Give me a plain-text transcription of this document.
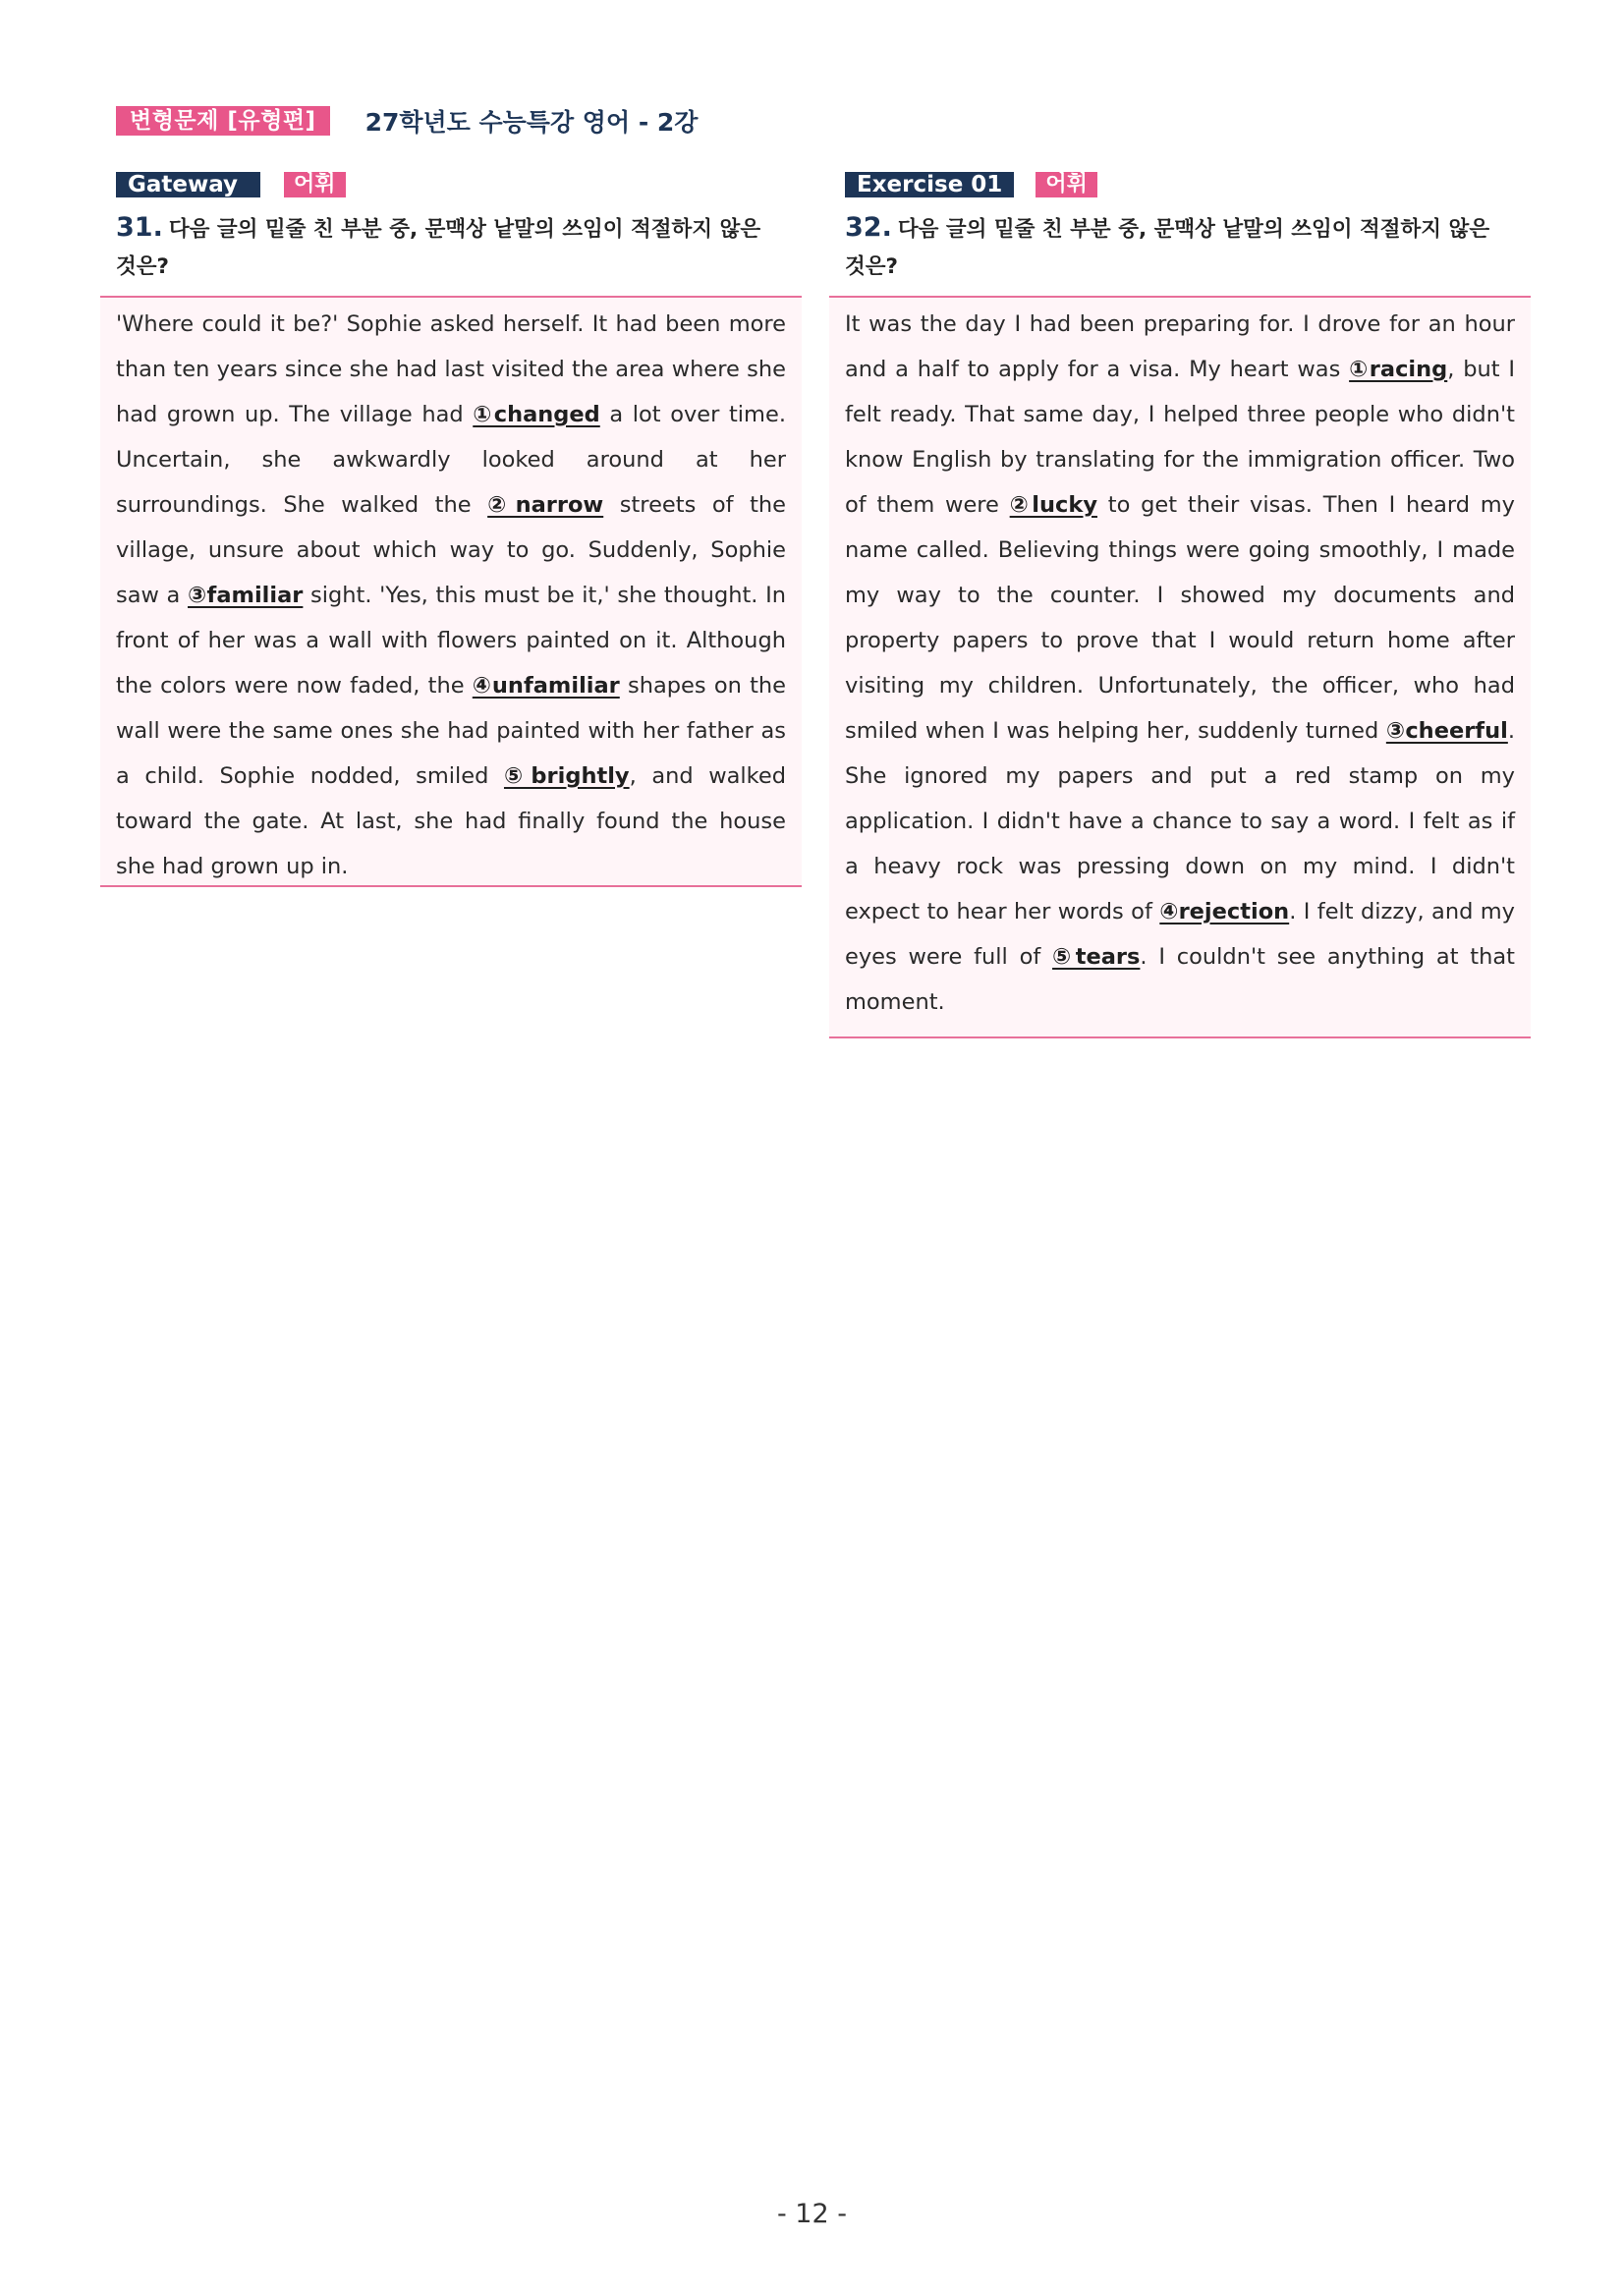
변형문제 [유형편]	27학년도 수능특강 영어 - 2강
Gateway	어휘
31. 다음 글의 밑줄 친 부분 중, 문맥상 낱말의 쓰임이 적절하지 않은 것은?

'Where could it be?' Sophie asked herself. It had been more than ten years since she had last visited the area where she had grown up. The village had ①changed a lot over time. Uncertain, she awkwardly looked around at her surroundings. She walked the ②narrow streets of the village, unsure about which way to go. Suddenly, Sophie saw a ③familiar sight. 'Yes, this must be it,' she thought. In front of her was a wall with flowers painted on it. Although the colors were now faded, the ④unfamiliar shapes on the wall were the same ones she had painted with her father as a child. Sophie nodded, smiled ⑤brightly, and walked toward the gate. At last, she had finally found the house she had grown up in.

Exercise 01	어휘
32. 다음 글의 밑줄 친 부분 중, 문맥상 낱말의 쓰임이 적절하지 않은 것은?

It was the day I had been preparing for. I drove for an hour and a half to apply for a visa. My heart was ①racing, but I felt ready. That same day, I helped three people who didn't know English by translating for the immigration officer. Two of them were ②lucky to get their visas. Then I heard my name called. Believing things were going smoothly, I made my way to the counter. I showed my documents and property papers to prove that I would return home after visiting my children. Unfortunately, the officer, who had smiled when I was helping her, suddenly turned ③cheerful. She ignored my papers and put a red stamp on my application. I didn't have a chance to say a word. I felt as if a heavy rock was pressing down on my mind. I didn't expect to hear her words of ④rejection. I felt dizzy, and my eyes were full of ⑤tears. I couldn't see anything at that moment.

- 12 -
